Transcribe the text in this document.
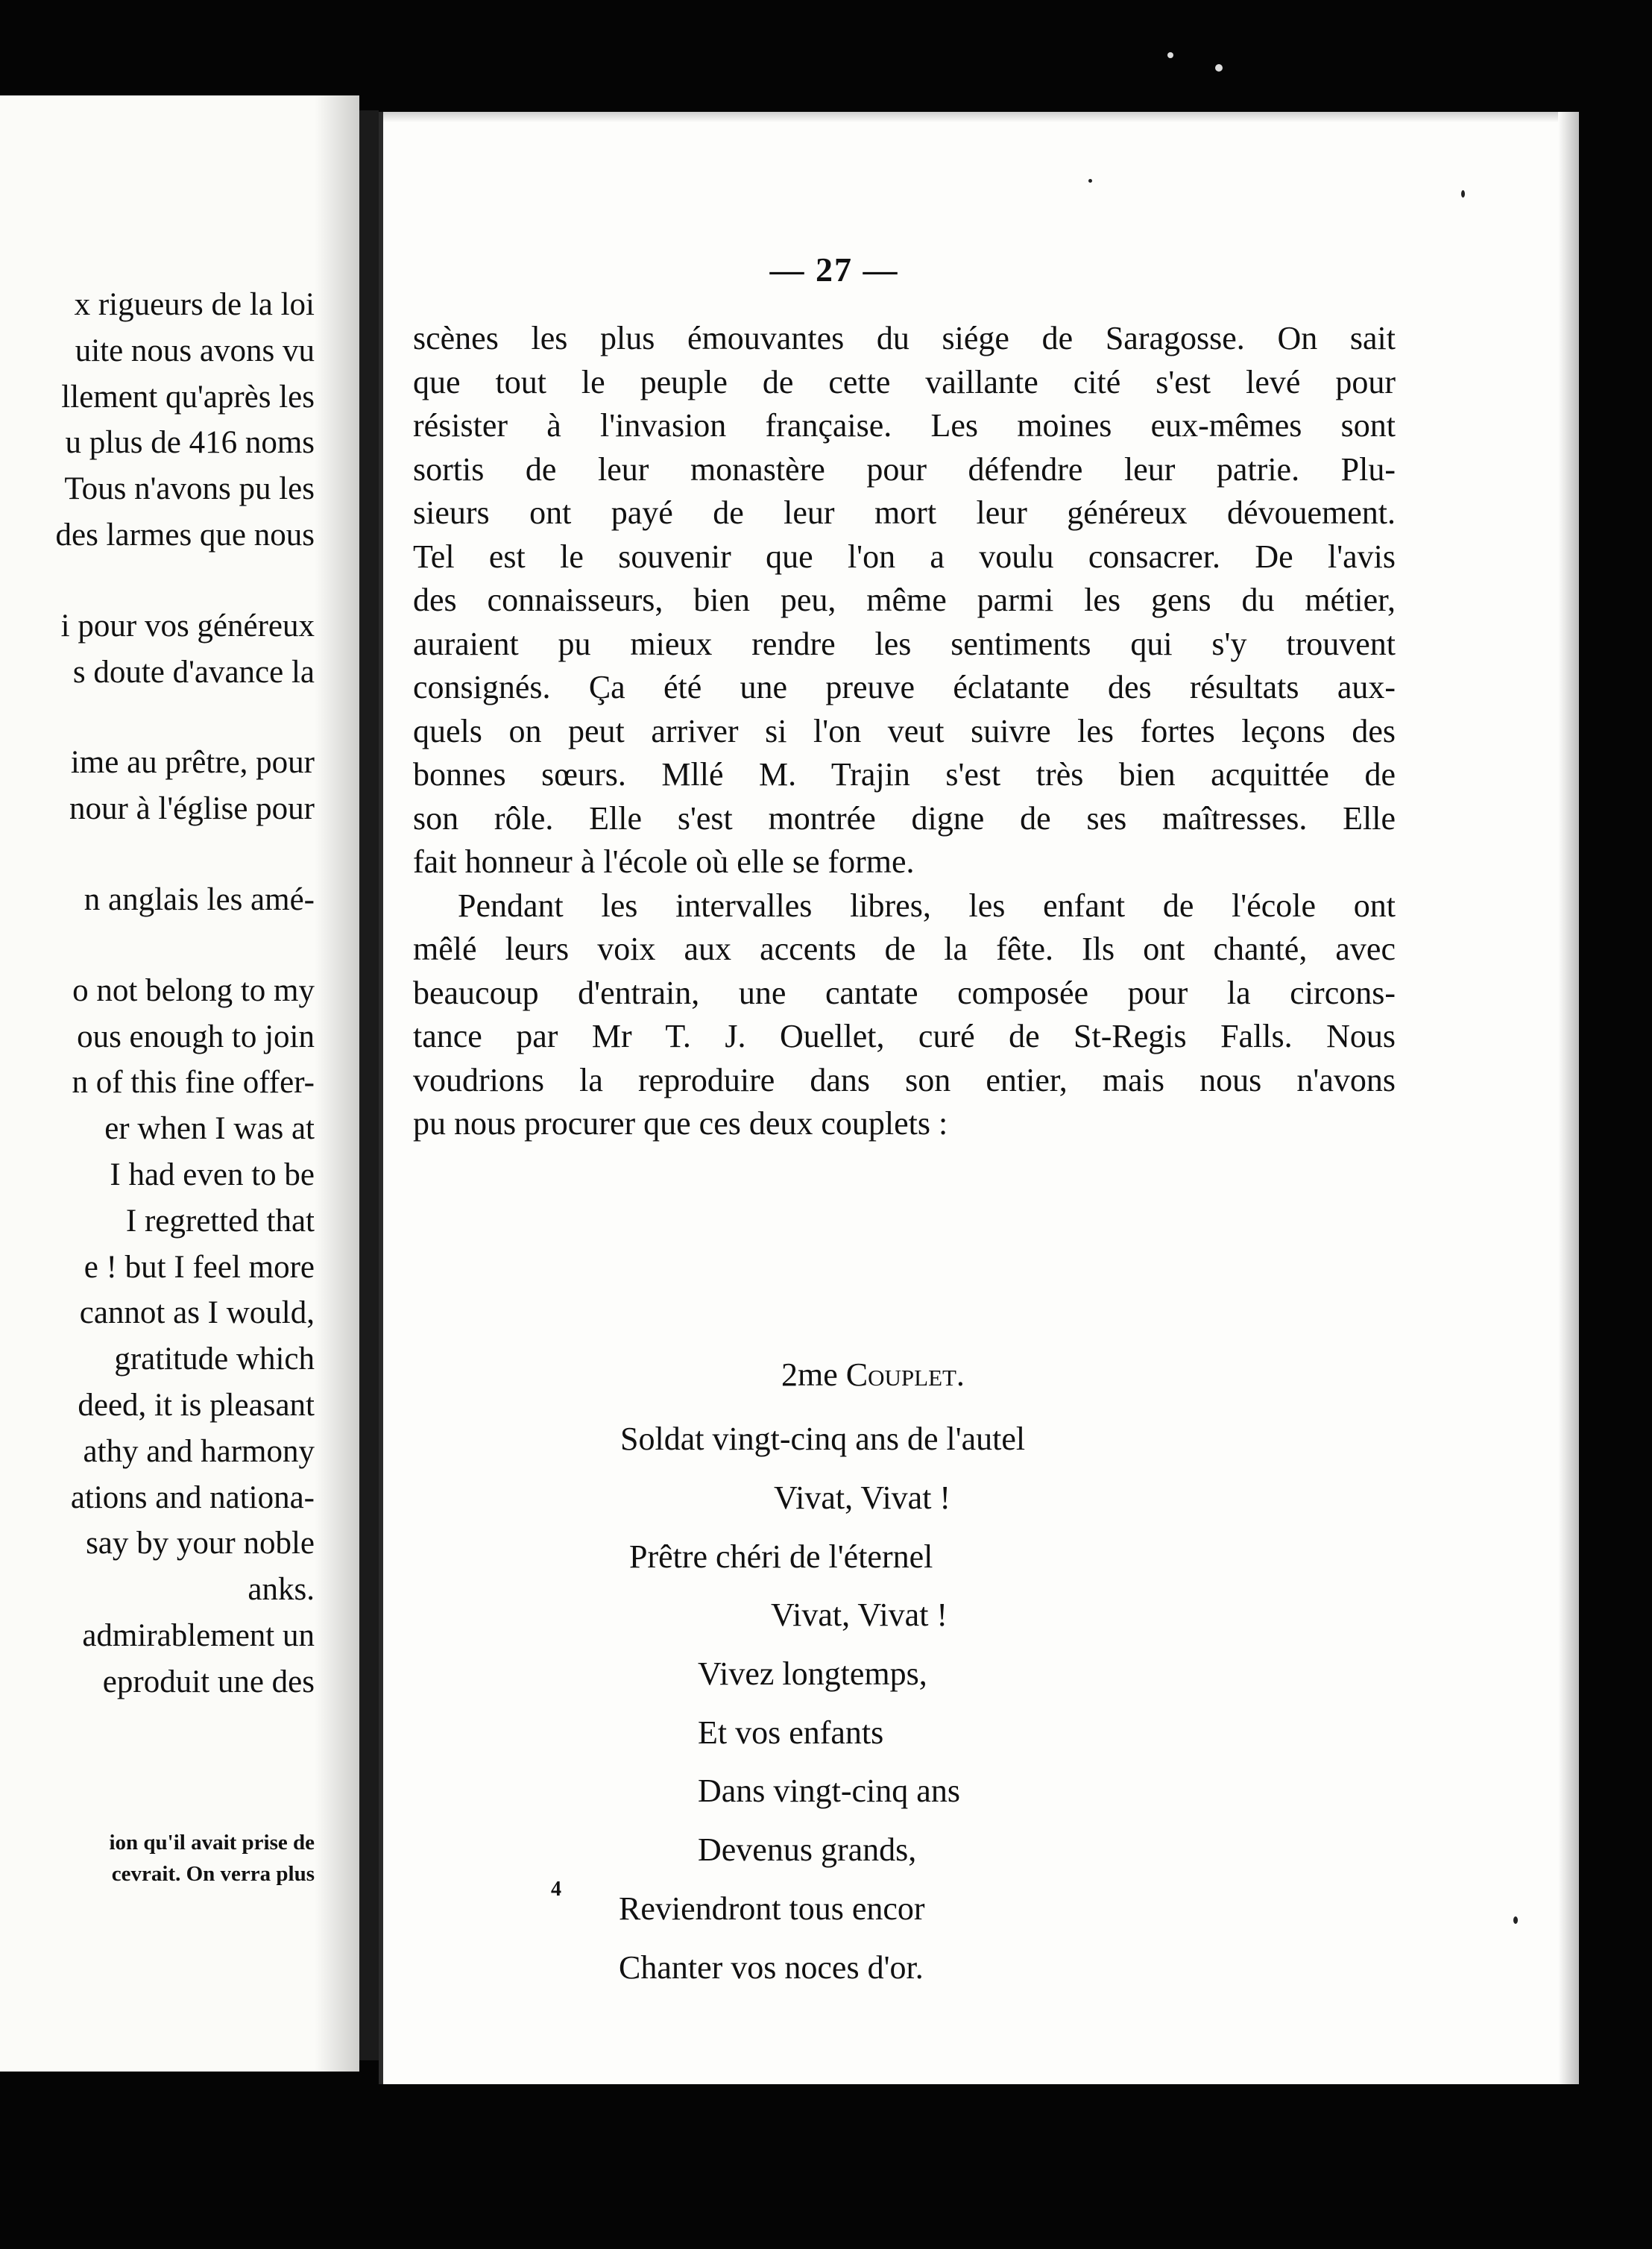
x rigueurs de la loi
uite nous avons vu
llement qu'après les
u plus de 416 noms
Tous n'avons pu les
des larmes que nous
i pour vos généreux
s doute d'avance la
ime au prêtre, pour
nour à l'église pour
n anglais les amé-
o not belong to my
ous enough to join
n of this fine offer-
er when I was at
I had even to be
I regretted that
e ! but I feel more
cannot as I would,
gratitude which
deed, it is pleasant
athy and harmony
ations and nationa-
say by your noble
anks.
admirablement un
eproduit une des
ion qu'il avait prise de
cevrait. On verra plus
— 27 —
scènes les plus émouvantes du siége de Saragosse. On sait
que tout le peuple de cette vaillante cité s'est levé pour
résister à l'invasion française. Les moines eux-mêmes sont
sortis de leur monastère pour défendre leur patrie. Plu-
sieurs ont payé de leur mort leur généreux dévouement.
Tel est le souvenir que l'on a voulu consacrer. De l'avis
des connaisseurs, bien peu, même parmi les gens du métier,
auraient pu mieux rendre les sentiments qui s'y trouvent
consignés. Ça été une preuve éclatante des résultats aux-
quels on peut arriver si l'on veut suivre les fortes leçons des
bonnes sœurs. Mllé M. Trajin s'est très bien acquittée de
son rôle. Elle s'est montrée digne de ses maîtresses. Elle
fait honneur à l'école où elle se forme.
Pendant les intervalles libres, les enfant de l'école ont
mêlé leurs voix aux accents de la fête. Ils ont chanté, avec
beaucoup d'entrain, une cantate composée pour la circons-
tance par Mr T. J. Ouellet, curé de St-Regis Falls. Nous
voudrions la reproduire dans son entier, mais nous n'avons
pu nous procurer que ces deux couplets :
2me Couplet.
Soldat vingt-cinq ans de l'autel
Vivat, Vivat !
Prêtre chéri de l'éternel
Vivat, Vivat !
Vivez longtemps,
Et vos enfants
Dans vingt-cinq ans
Devenus grands,
Reviendront tous encor
Chanter vos noces d'or.
4
